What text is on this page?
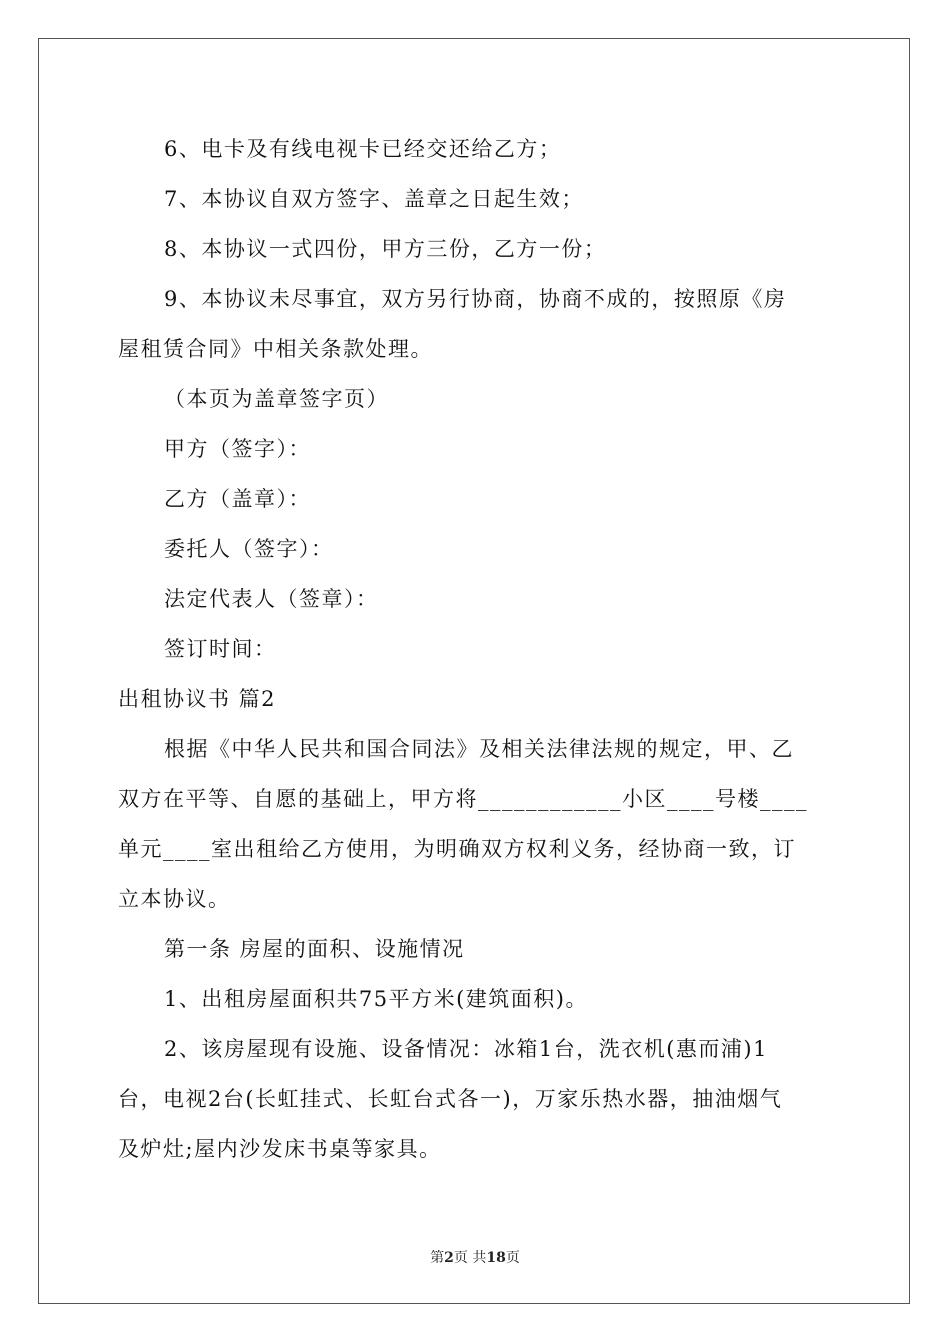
6、电卡及有线电视卡已经交还给乙方；
7、本协议自双方签字、盖章之日起生效；
8、本协议一式四份，甲方三份，乙方一份；
9、本协议未尽事宜，双方另行协商，协商不成的，按照原《房
屋租赁合同》中相关条款处理。
（本页为盖章签字页）
甲方（签字）：
乙方（盖章）：
委托人（签字）：
法定代表人（签章）：
签订时间：
出租协议书 篇2
根据《中华人民共和国合同法》及相关法律法规的规定，甲、乙
双方在平等、自愿的基础上，甲方将____________小区____号楼____
单元____室出租给乙方使用，为明确双方权利义务，经协商一致，订
立本协议。
第一条 房屋的面积、设施情况
1、出租房屋面积共75平方米(建筑面积)。
2、该房屋现有设施、设备情况：冰箱1台，洗衣机(惠而浦)1
台，电视2台(长虹挂式、长虹台式各一)，万家乐热水器，抽油烟气
及炉灶;屋内沙发床书桌等家具。
第2页 共18页
